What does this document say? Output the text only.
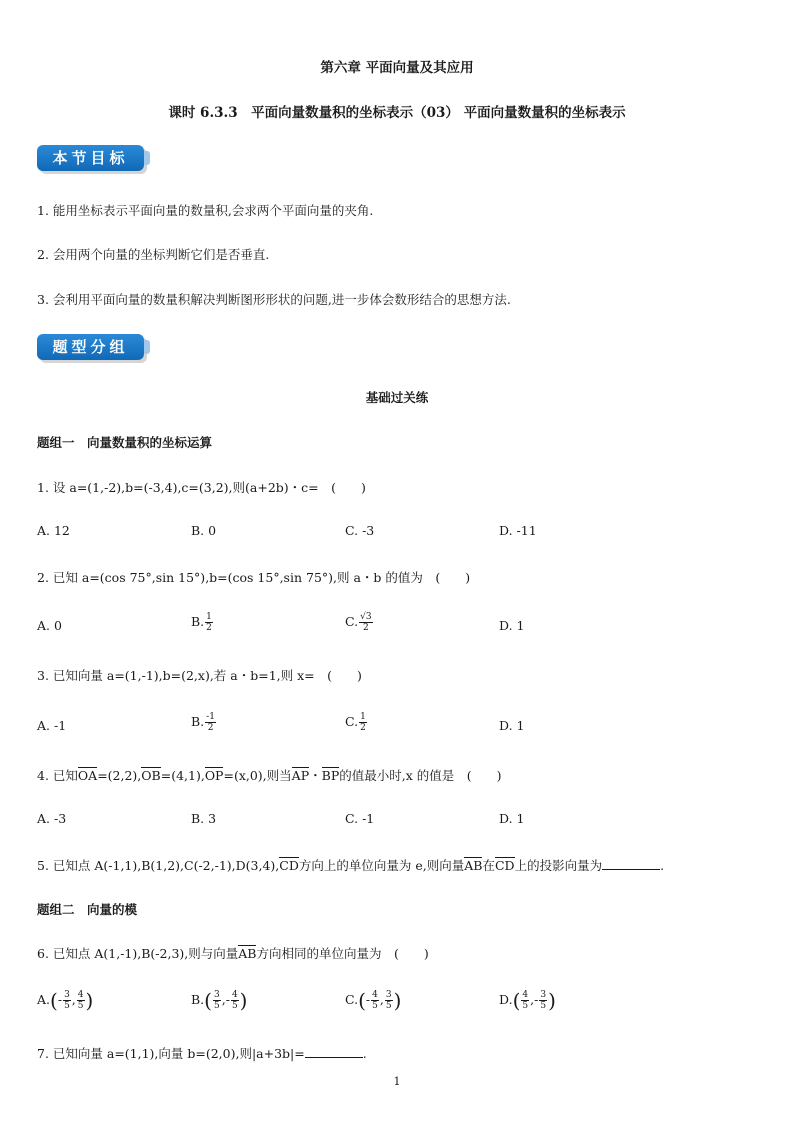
第六章 平面向量及其应用
课时 6.3.3　平面向量数量积的坐标表示（03） 平面向量数量积的坐标表示
本节目标
1. 能用坐标表示平面向量的数量积,会求两个平面向量的夹角.
2. 会用两个向量的坐标判断它们是否垂直.
3. 会利用平面向量的数量积解决判断图形形状的问题,进一步体会数形结合的思想方法.
题型分组
基础过关练
题组一　向量数量积的坐标运算
1. 设 a=(1,-2),b=(-3,4),c=(3,2),则(a+2b)・c=　(　　)
A. 12	B. 0	C. -3	D. -11
2. 已知 a=(cos 75°,sin 15°),b=(cos 15°,sin 75°),则 a・b 的值为　(　　)
A. 0	B. $\frac{1}{2}$	C. $\frac{√3}{2}$	D. 1
3. 已知向量 a=(1,-1),b=(2,x),若 a・b=1,则 x=　(　　)
A. -1	B. $\frac{-1}{2}$	C. $\frac{1}{2}$	D. 1
4. 已知OA=(2,2),OB=(4,1),OP=(x,0),则当AP・BP的值最小时,x 的值是　(　　)
A. -3	B. 3	C. -1	D. 1
5. 已知点 A(-1,1),B(1,2),C(-2,-1),D(3,4),CD方向上的单位向量为 e,则向量AB在CD上的投影向量为	.
题组二　向量的模
6. 已知点 A(1,-1),B(-2,3),则与向量AB方向相同的单位向量为　(　　)
$A.(- \frac{3}{5}$ , $\frac{4}{5}$ )	$B.( \frac{3}{5}$ ,- $\frac{4}{5}$ )	$C.(- \frac{4}{5}$ , $\frac{3}{5}$ )	$D.( \frac{4}{5}$ ,- $\frac{3}{5}$ )
7. 已知向量 a=(1,1),向量 b=(2,0),则|a+3b|=	.
1
